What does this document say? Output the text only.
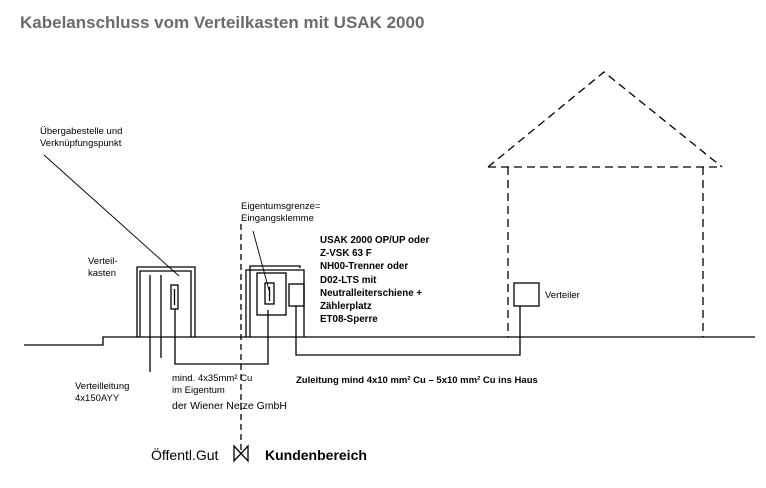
Kabelanschluss vom Verteilkasten mit USAK 2000
Übergabestelle und
Verknüpfungspunkt
Eigentumsgrenze=
Eingangsklemme
USAK 2000 OP/UP oder
Z-VSK 63 F
NH00-Trenner oder
D02-LTS mit
Neutralleiterschiene +
Zählerplatz
ET08-Sperre
Verteil-
kasten
Verteiler
Verteilleitung
4x150AYY
mind. 4x35mm² Cu
im Eigentum
der Wiener Netze GmbH
Zuleitung mind 4x10 mm² Cu – 5x10 mm² Cu ins Haus
Öffentl.Gut	Kundenbereich
